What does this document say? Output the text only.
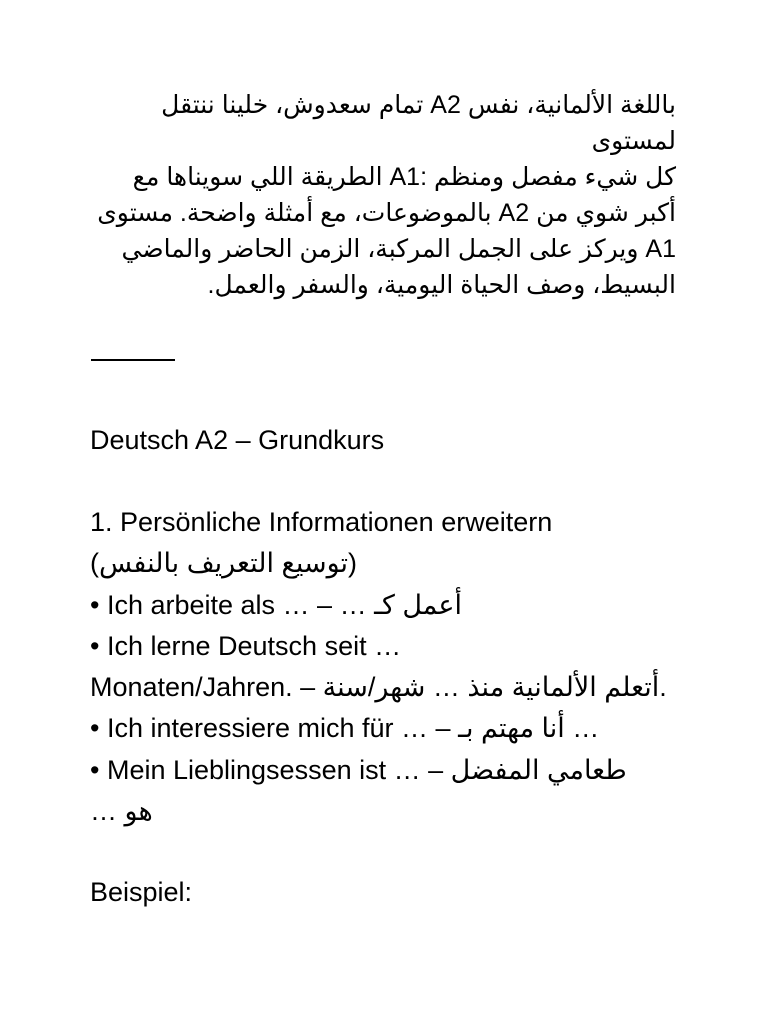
باللغة الألمانية، نفس A2 تمام سعدوش، خلينا ننتقل لمستوى

كل شيء مفصل ومنظم :A1 الطريقة اللي سويناها مع

أكبر شوي من A2 بالموضوعات، مع أمثلة واضحة. مستوى

A1 ويركز على الجمل المركبة، الزمن الحاضر والماضي

البسيط، وصف الحياة اليومية، والسفر والعمل.

Deutsch A2 – Grundkurs
1. Persönliche Informationen erweitern
(توسيع التعريف بالنفس)
• Ich arbeite als … – … أعمل كـ
• Ich lerne Deutsch seit …
Monaten/Jahren. – أتعلم الألمانية منذ … شهر/سنة.
• Ich interessiere mich für … – أنا مهتم بـ …
• Mein Lieblingsessen ist … – طعامي المفضل
هو …
Beispiel:
